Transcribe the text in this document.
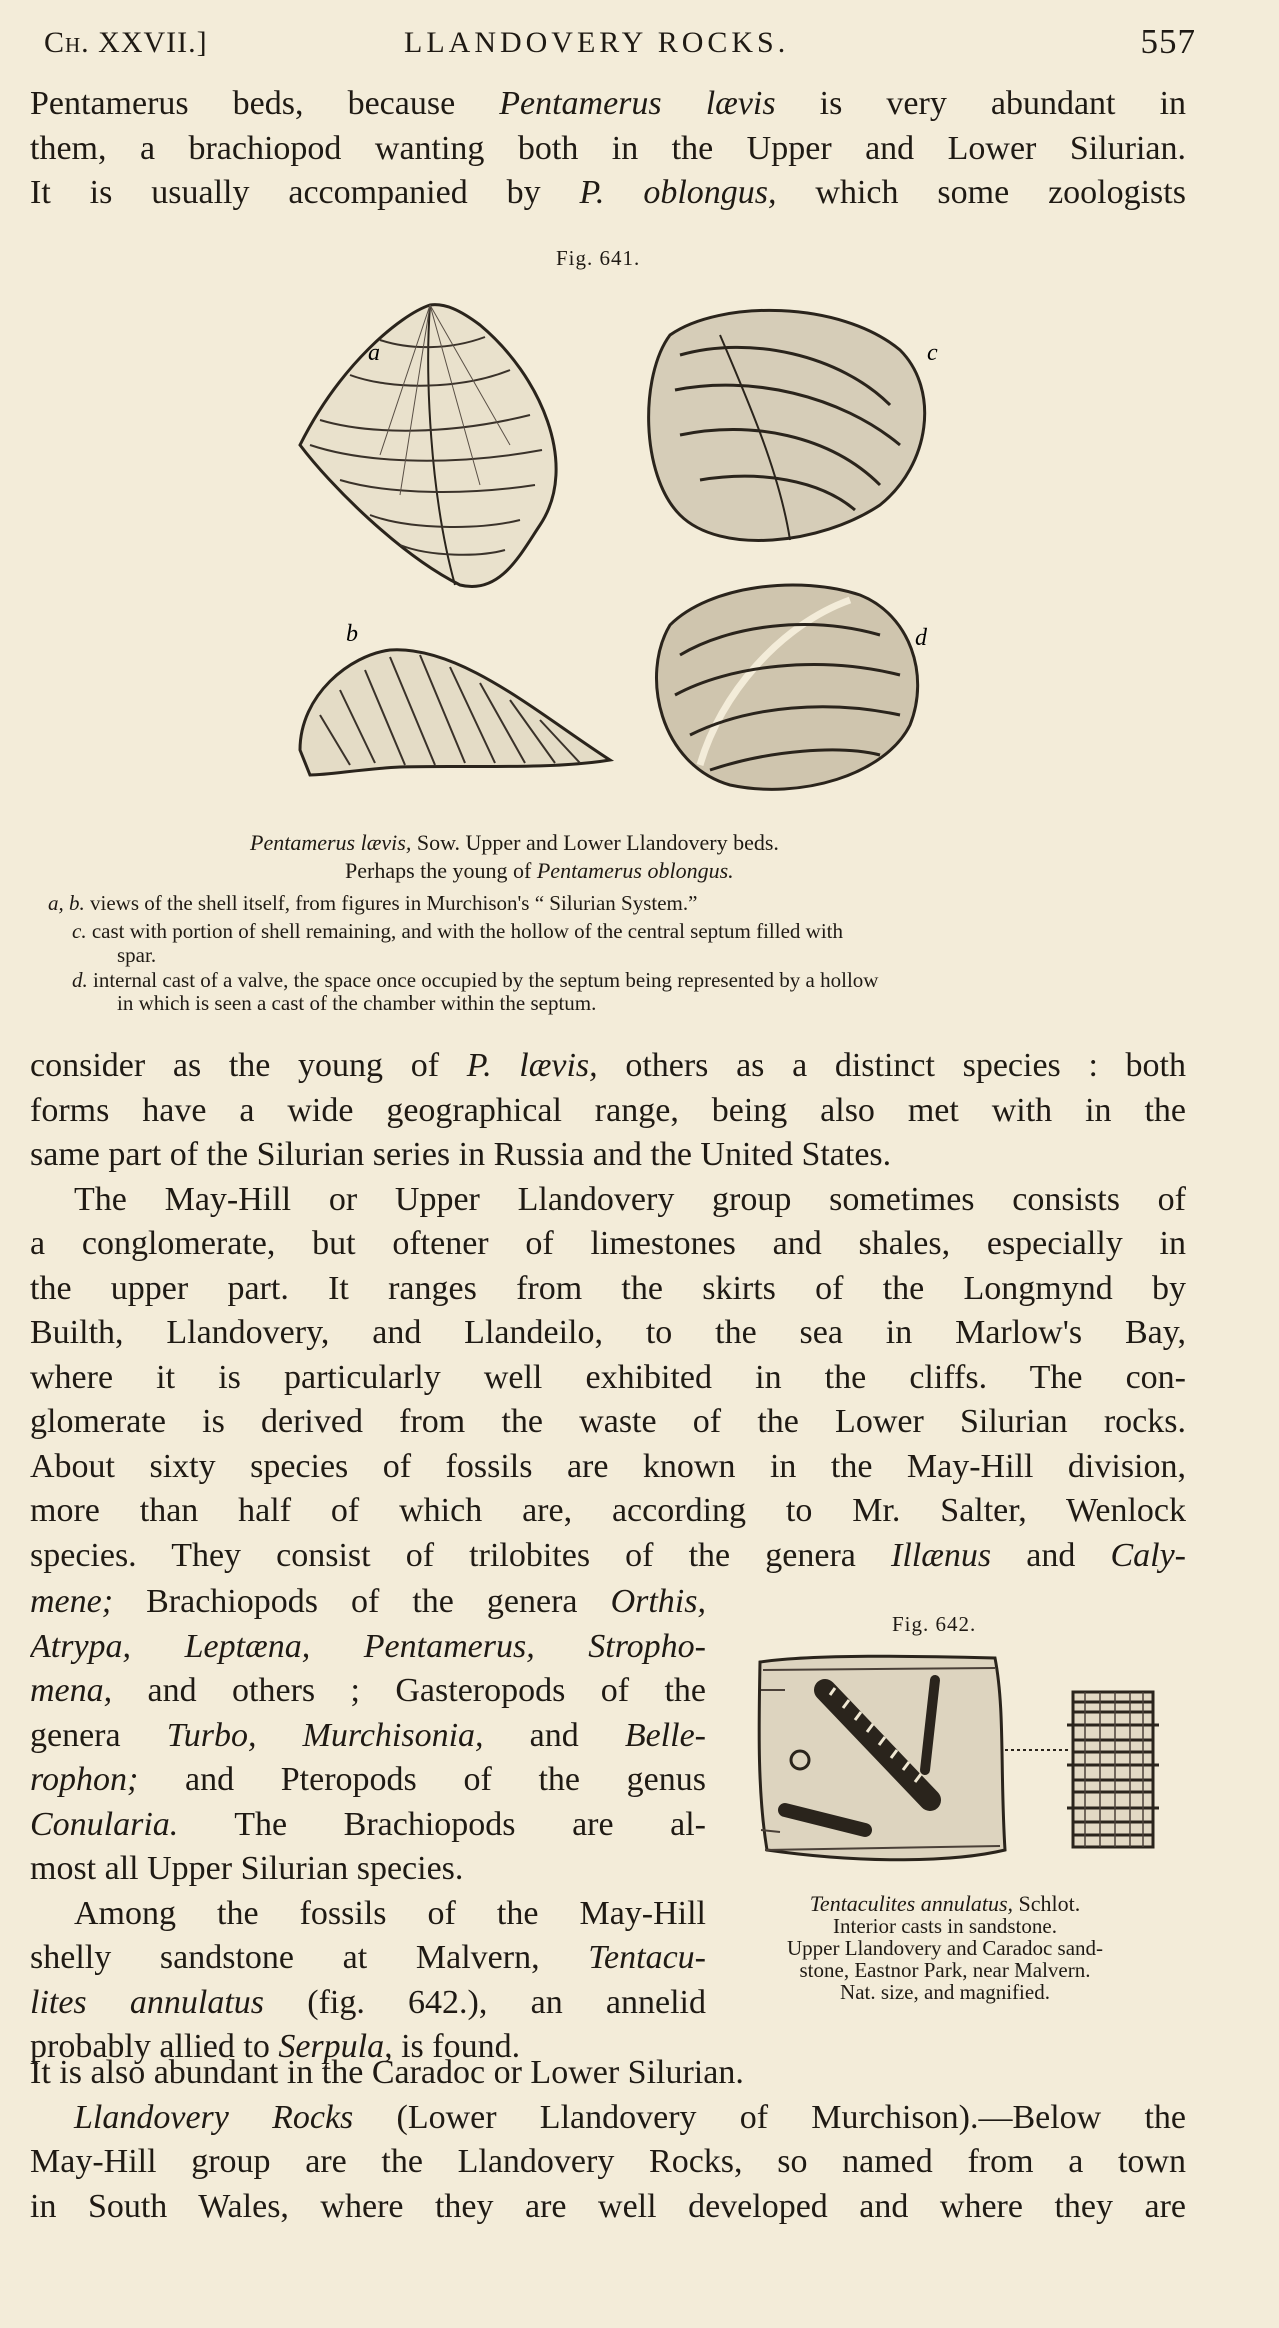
Ch. XXVII.]	LLANDOVERY ROCKS.	557
Pentamerus beds, because Pentamerus lævis is very abundant in
them, a brachiopod wanting both in the Upper and Lower Silurian.
It is usually accompanied by P. oblongus, which some zoologists
Fig. 641.
a	c
b	d
Pentamerus lævis, Sow. Upper and Lower Llandovery beds.
Perhaps the young of Pentamerus oblongus.
a, b. views of the shell itself, from figures in Murchison's “ Silurian System.”
c. cast with portion of shell remaining, and with the hollow of the central septum filled with
spar.
d. internal cast of a valve, the space once occupied by the septum being represented by a hollow
in which is seen a cast of the chamber within the septum.
consider as the young of P. lævis, others as a distinct species : both
forms have a wide geographical range, being also met with in the
same part of the Silurian series in Russia and the United States.
The May-Hill or Upper Llandovery group sometimes consists of
a conglomerate, but oftener of limestones and shales, especially in
the upper part. It ranges from the skirts of the Longmynd by
Builth, Llandovery, and Llandeilo, to the sea in Marlow's Bay,
where it is particularly well exhibited in the cliffs. The con-
glomerate is derived from the waste of the Lower Silurian rocks.
About sixty species of fossils are known in the May-Hill division,
more than half of which are, according to Mr. Salter, Wenlock
species. They consist of trilobites of the genera Illænus and Caly-
mene; Brachiopods of the genera Orthis,
Atrypa, Leptæna, Pentamerus, Stropho-
mena, and others ; Gasteropods of the
genera Turbo, Murchisonia, and Belle-
rophon; and Pteropods of the genus
Conularia. The Brachiopods are al-
most all Upper Silurian species.
Among the fossils of the May-Hill
shelly sandstone at Malvern, Tentacu-
lites annulatus (fig. 642.), an annelid
probably allied to Serpula, is found.
Fig. 642.
Tentaculites annulatus, Schlot.
Interior casts in sandstone.
Upper Llandovery and Caradoc sand-
stone, Eastnor Park, near Malvern.
Nat. size, and magnified.
It is also abundant in the Caradoc or Lower Silurian.
Llandovery Rocks (Lower Llandovery of Murchison).—Below the
May-Hill group are the Llandovery Rocks, so named from a town
in South Wales, where they are well developed and where they are
